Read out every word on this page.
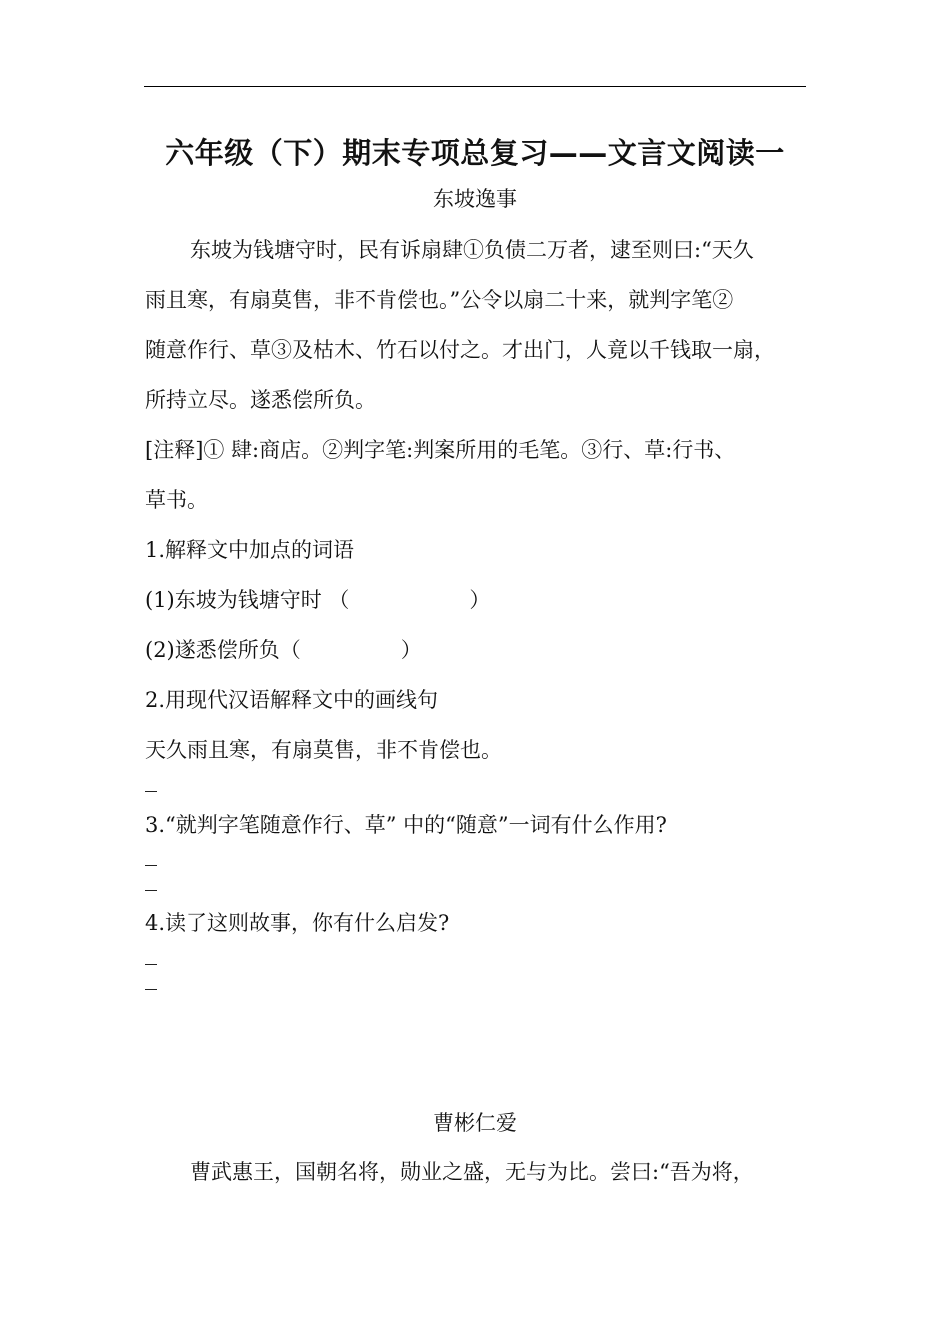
六年级（下）期末专项总复习——文言文阅读一
东坡逸事
东坡为钱塘守时，民有诉扇肆①负债二万者，逮至则曰:“天久
雨且寒，有扇莫售，非不肯偿也。”公令以扇二十来，就判字笔②
随意作行、草③及枯木、竹石以付之。才出门，人竟以千钱取一扇，
所持立尽。遂悉偿所负。
[注释]① 肆:商店。②判字笔:判案所用的毛笔。③行、草:行书、
草书。
1.解释文中加点的词语
(1)东坡为钱塘守时 （	）
(2)遂悉偿所负（	）
2.用现代汉语解释文中的画线句
天久雨且寒，有扇莫售，非不肯偿也。
3.“就判字笔随意作行、草” 中的“随意”一词有什么作用?
4.读了这则故事，你有什么启发?
曹彬仁爱
曹武惠王，国朝名将，勋业之盛，无与为比。尝曰:“吾为将，
